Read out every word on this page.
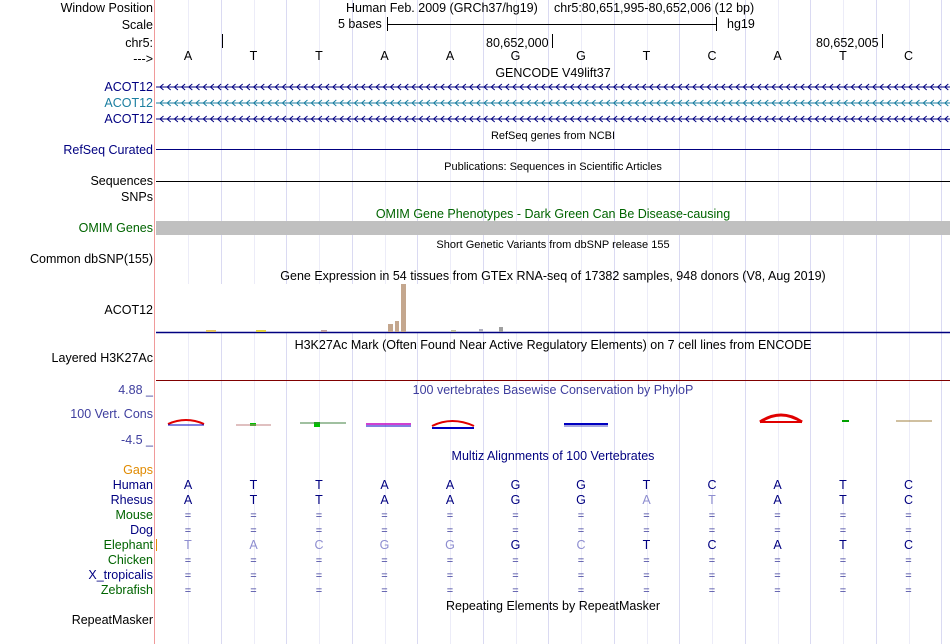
Window Position	Human Feb. 2009 (GRCh37/hg19) chr5:80,651,995-80,652,006 (12 bp)
Scale	5 bases	hg19
chr5:	80,652,000	80,652,005
--->	A	T	T	A	A	G	G	T	C	A	T	C
GENCODE V49lift37
ACOT12
ACOT12
ACOT12
RefSeq genes from NCBI
RefSeq Curated
Publications: Sequences in Scientific Articles
Sequences
SNPs
OMIM Gene Phenotypes - Dark Green Can Be Disease-causing
OMIM Genes
Short Genetic Variants from dbSNP release 155
Common dbSNP(155)
Gene Expression in 54 tissues from GTEx RNA-seq of 17382 samples, 948 donors (V8, Aug 2019)
ACOT12
H3K27Ac Mark (Often Found Near Active Regulatory Elements) on 7 cell lines from ENCODE
Layered H3K27Ac
4.88 _	100 vertebrates Basewise Conservation by PhyloP
100 Vert. Cons
-4.5 _
Multiz Alignments of 100 Vertebrates
Gaps
Human	A	T	T	A	A	G	G	T	C	A	T	C
Rhesus	A	T	T	A	A	G	G	A	T	A	T	C
Mouse	=	=	=	=	=	=	=	=	=	=	=	=
Dog	=	=	=	=	=	=	=	=	=	=	=	=
Elephant	T	A	C	G	G	G	C	T	C	A	T	C
Chicken	=	=	=	=	=	=	=	=	=	=	=	=
X_tropicalis	=	=	=	=	=	=	=	=	=	=	=	=
Zebrafish	=	=	=	=	=	=	=	=	=	=	=	=
Repeating Elements by RepeatMasker
RepeatMasker
